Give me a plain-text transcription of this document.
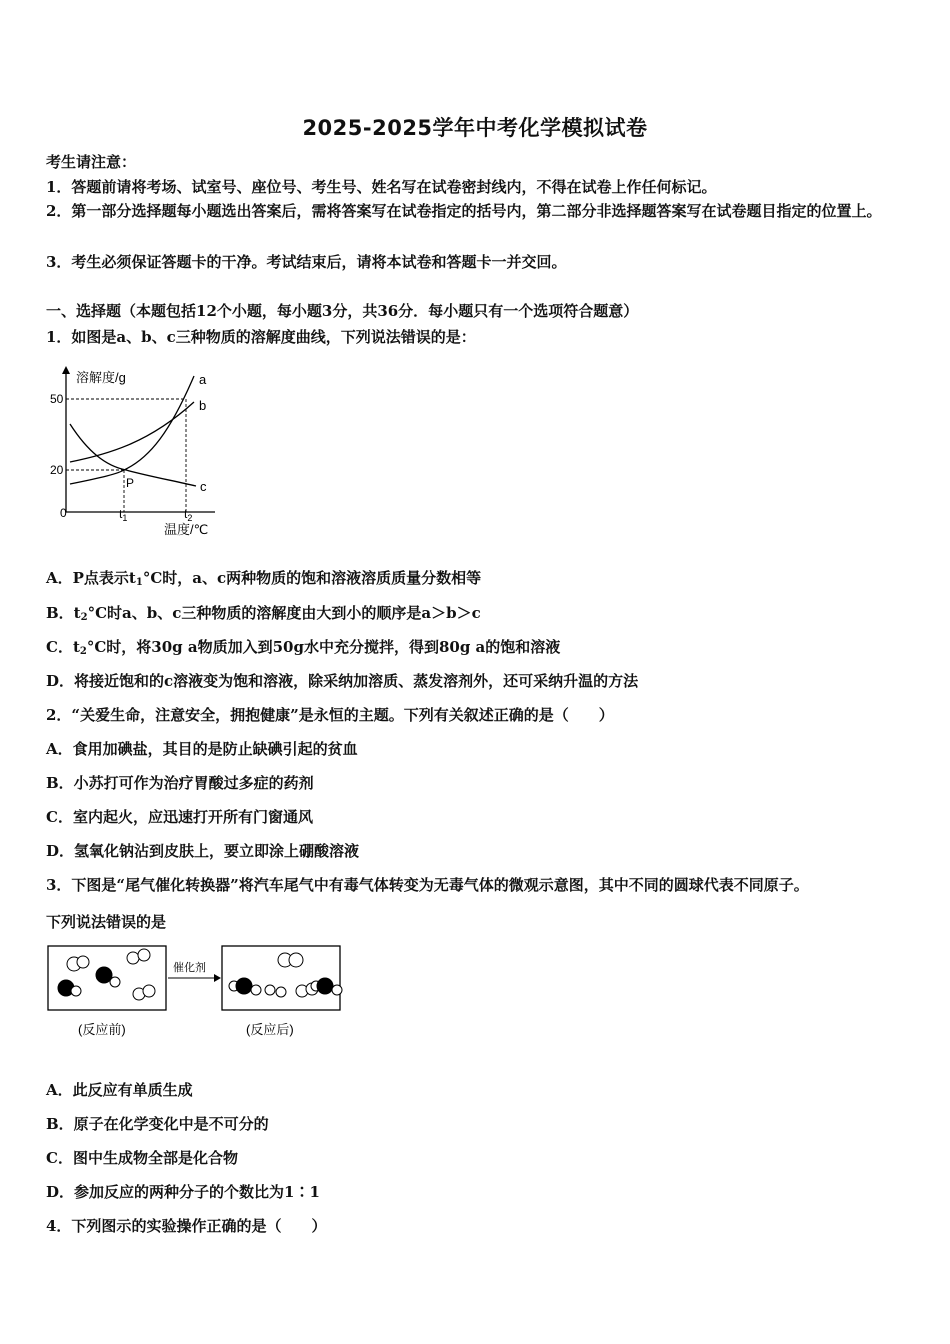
2025-2025学年中考化学模拟试卷
考生请注意：
1．答题前请将考场、试室号、座位号、考生号、姓名写在试卷密封线内，不得在试卷上作任何标记。
2．第一部分选择题每小题选出答案后，需将答案写在试卷指定的括号内，第二部分非选择题答案写在试卷题目指定的位置上。
3．考生必须保证答题卡的干净。考试结束后，请将本试卷和答题卡一并交回。
一、选择题（本题包括12个小题，每小题3分，共36分．每小题只有一个选项符合题意）
1．如图是a、b、c三种物质的溶解度曲线，下列说法错误的是：
溶解度/g
温度/℃
0
50
20
$t_1$	$t_2$
a
b
c
P
A．P点表示$t_1^\circ C$时，a、c两种物质的饱和溶液溶质质量分数相等
B．$t_2^\circ C$时a、b、c三种物质的溶解度由大到小的顺序是a＞b＞c
C．$t_2^\circ C$时，将30g a物质加入到50g水中充分搅拌，得到80g a的饱和溶液
D．将接近饱和的c溶液变为饱和溶液，除采纳加溶质、蒸发溶剂外，还可采纳升温的方法
2．“关爱生命，注意安全，拥抱健康”是永恒的主题。下列有关叙述正确的是（　　）
A．食用加碘盐，其目的是防止缺碘引起的贫血
B．小苏打可作为治疗胃酸过多症的药剂
C．室内起火，应迅速打开所有门窗通风
D．氢氧化钠沾到皮肤上，要立即涂上硼酸溶液
3．下图是“尾气催化转换器”将汽车尾气中有毒气体转变为无毒气体的微观示意图，其中不同的圆球代表不同原子。
下列说法错误的是
催化剂
(反应前)	(反应后)
A．此反应有单质生成
B．原子在化学变化中是不可分的
C．图中生成物全部是化合物
D．参加反应的两种分子的个数比为1∶1
4．下列图示的实验操作正确的是（　　）
